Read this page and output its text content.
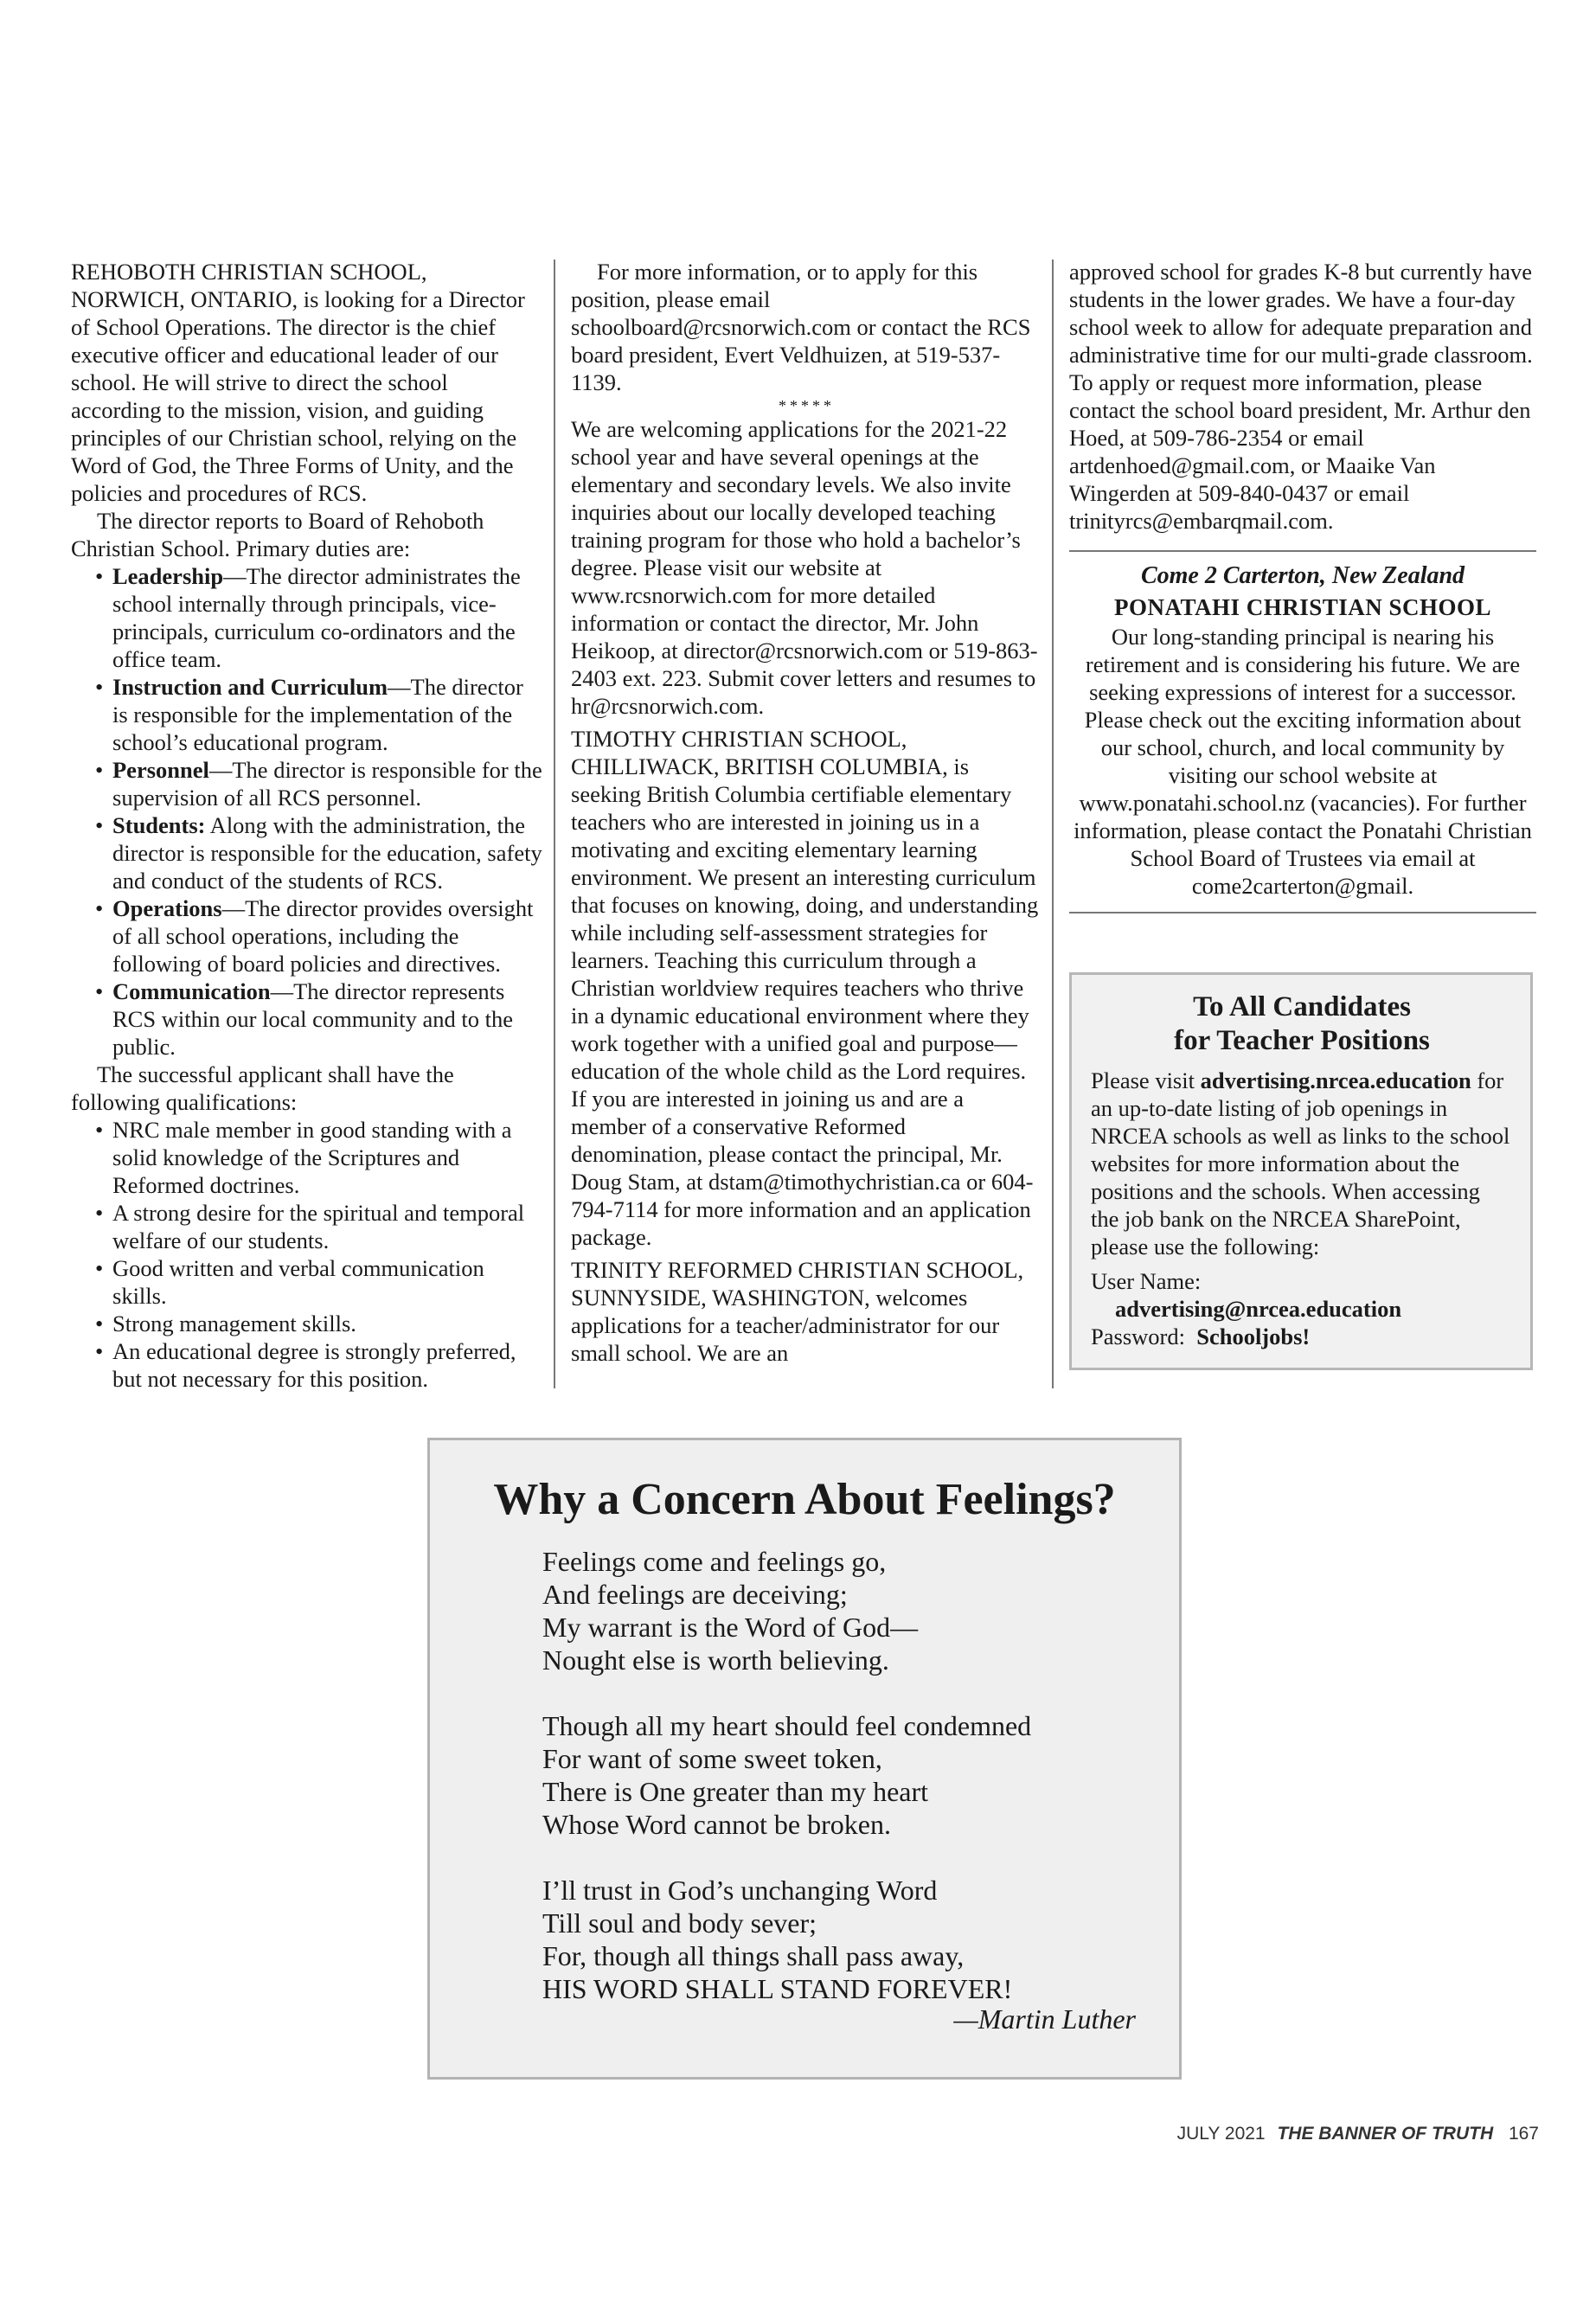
REHOBOTH CHRISTIAN SCHOOL, NORWICH, ONTARIO, is looking for a Director of School Operations. The director is the chief executive officer and educational leader of our school. He will strive to direct the school according to the mission, vision, and guiding principles of our Christian school, relying on the Word of God, the Three Forms of Unity, and the policies and procedures of RCS.

The director reports to Board of Rehoboth Christian School. Primary duties are:

• Leadership—The director administrates the school internally through principals, vice-principals, curriculum co-ordinators and the office team.
• Instruction and Curriculum—The director is responsible for the implementation of the school’s educational program.
• Personnel—The director is responsible for the supervision of all RCS personnel.
• Students: Along with the administration, the director is responsible for the education, safety and conduct of the students of RCS.
• Operations—The director provides oversight of all school operations, including the following of board policies and directives.
• Communication—The director represents RCS within our local community and to the public.

The successful applicant shall have the following qualifications:

• NRC male member in good standing with a solid knowledge of the Scriptures and Reformed doctrines.
• A strong desire for the spiritual and temporal welfare of our students.
• Good written and verbal communication skills.
• Strong management skills.
• An educational degree is strongly preferred, but not necessary for this position.

For more information, or to apply for this position, please email schoolboard@rcsnorwich.com or contact the RCS board president, Evert Veldhuizen, at 519-537-1139.

*****

We are welcoming applications for the 2021-22 school year and have several openings at the elementary and secondary levels. We also invite inquiries about our locally developed teaching training program for those who hold a bachelor’s degree. Please visit our website at www.rcsnorwich.com for more detailed information or contact the director, Mr. John Heikoop, at director@rcsnorwich.com or 519-863-2403 ext. 223. Submit cover letters and resumes to hr@rcsnorwich.com.

TIMOTHY CHRISTIAN SCHOOL, CHILLIWACK, BRITISH COLUMBIA, is seeking British Columbia certifiable elementary teachers who are interested in joining us in a motivating and exciting elementary learning environment. We present an interesting curriculum that focuses on knowing, doing, and understanding while including self-assessment strategies for learners. Teaching this curriculum through a Christian worldview requires teachers who thrive in a dynamic educational environment where they work together with a unified goal and purpose—education of the whole child as the Lord requires. If you are interested in joining us and are a member of a conservative Reformed denomination, please contact the principal, Mr. Doug Stam, at dstam@timothychristian.ca or 604-794-7114 for more information and an application package.

TRINITY REFORMED CHRISTIAN SCHOOL, SUNNYSIDE, WASHINGTON, welcomes applications for a teacher/administrator for our small school. We are an

approved school for grades K-8 but currently have students in the lower grades. We have a four-day school week to allow for adequate preparation and administrative time for our multi-grade classroom. To apply or request more information, please contact the school board president, Mr. Arthur den Hoed, at 509-786-2354 or email artdenhoed@gmail.com, or Maaike Van Wingerden at 509-840-0437 or email trinityrcs@embarqmail.com.

Come 2 Carterton, New Zealand
PONATAHI CHRISTIAN SCHOOL
Our long-standing principal is nearing his retirement and is considering his future. We are seeking expressions of interest for a successor. Please check out the exciting information about our school, church, and local community by visiting our school website at www.ponatahi.school.nz (vacancies). For further information, please contact the Ponatahi Christian School Board of Trustees via email at come2carterton@gmail.
To All Candidates
for Teacher Positions

Please visit advertising.nrcea.education for an up-to-date listing of job openings in NRCEA schools as well as links to the school websites for more information about the positions and the schools. When accessing the job bank on the NRCEA SharePoint, please use the following:

User Name:

advertising@nrcea.education

Password: Schooljobs!

Why a Concern About Feelings?
Feelings come and feelings go,
And feelings are deceiving;
My warrant is the Word of God—
Nought else is worth believing.
Though all my heart should feel condemned
For want of some sweet token,
There is One greater than my heart
Whose Word cannot be broken.
I’ll trust in God’s unchanging Word
Till soul and body sever;
For, though all things shall pass away,
HIS WORD SHALL STAND FOREVER!
—Martin Luther
JULY 2021 THE BANNER OF TRUTH 167
